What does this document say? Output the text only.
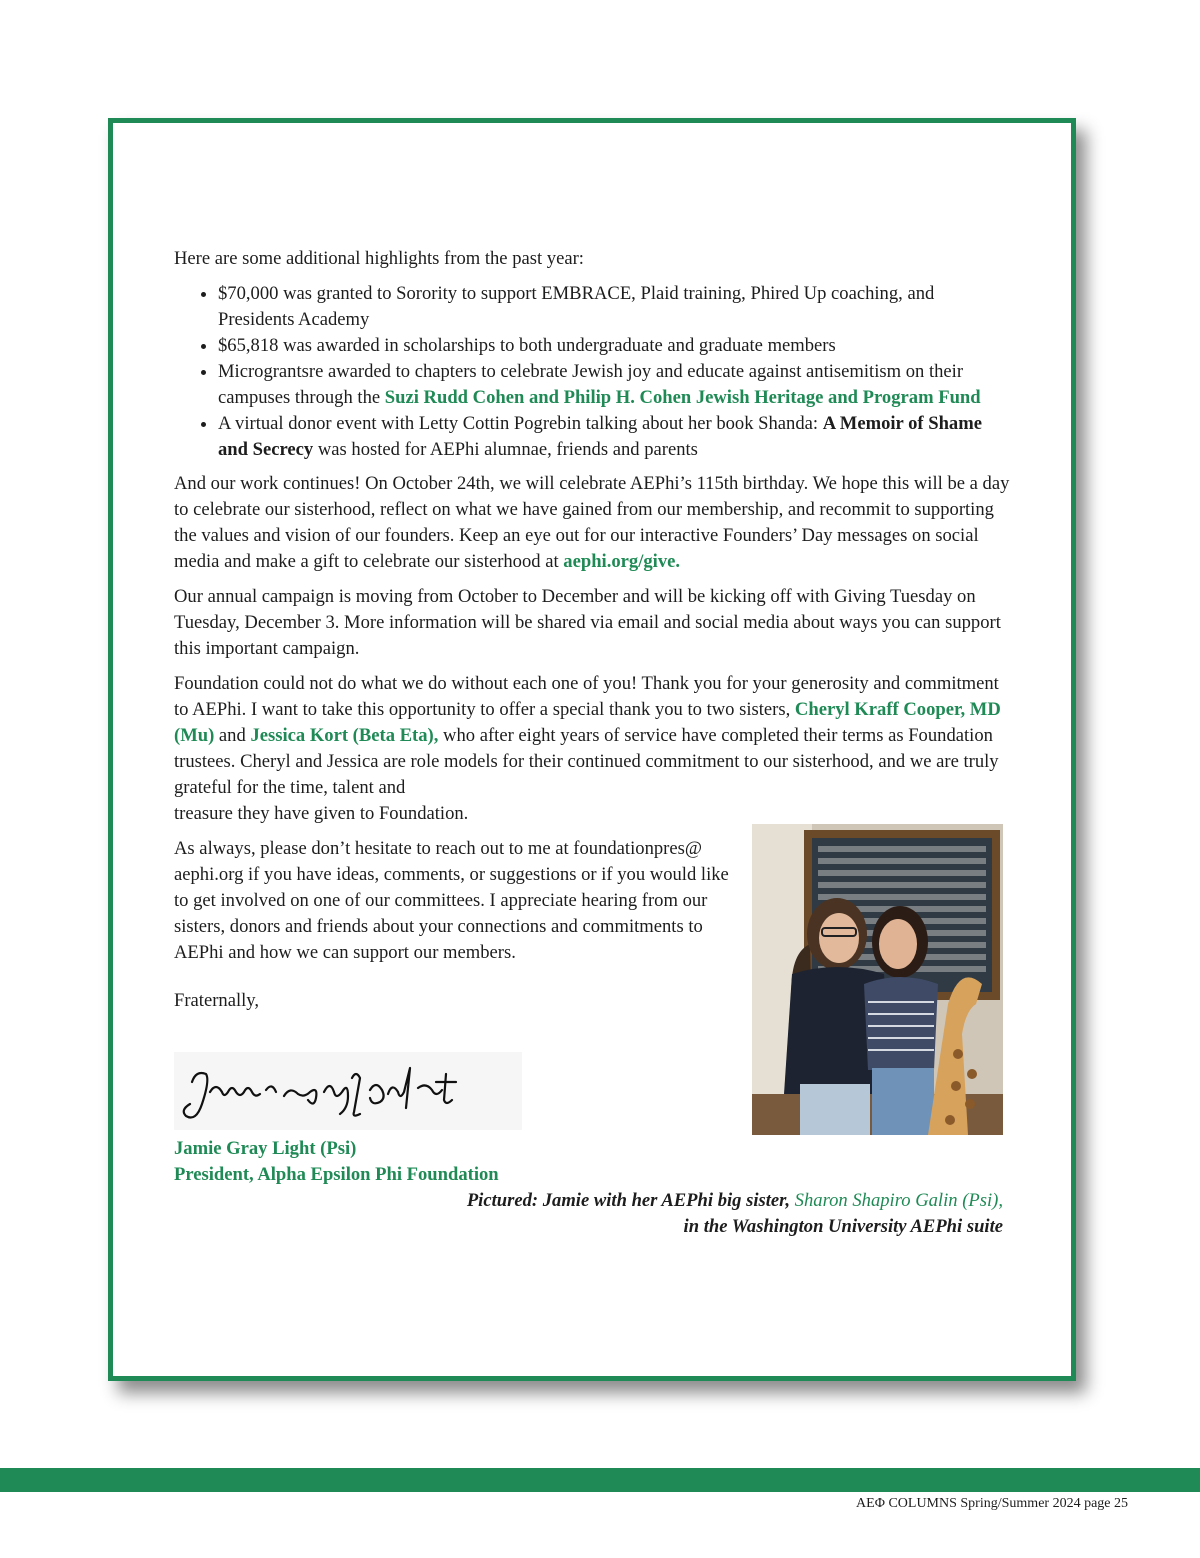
Here are some additional highlights from the past year:

• $70,000 was granted to Sorority to support EMBRACE, Plaid training, Phired Up coaching, and Presidents Academy
• $65,818 was awarded in scholarships to both undergraduate and graduate members
• Micrograntsre awarded to chapters to celebrate Jewish joy and educate against antisemitism on their campuses through the Suzi Rudd Cohen and Philip H. Cohen Jewish Heritage and Program Fund
• A virtual donor event with Letty Cottin Pogrebin talking about her book Shanda: A Memoir of Shame and Secrecy was hosted for AEPhi alumnae, friends and parents

And our work continues! On October 24th, we will celebrate AEPhi’s 115th birthday. We hope this will be a day to celebrate our sisterhood, reflect on what we have gained from our membership, and recommit to supporting the values and vision of our founders. Keep an eye out for our interactive Founders’ Day messages on social media and make a gift to celebrate our sisterhood at aephi.org/give.

Our annual campaign is moving from October to December and will be kicking off with Giving Tuesday on Tuesday, December 3. More information will be shared via email and social media about ways you can support this important campaign.

Foundation could not do what we do without each one of you! Thank you for your generosity and commitment to AEPhi. I want to take this opportunity to offer a special thank you to two sisters, Cheryl Kraff Cooper, MD (Mu) and Jessica Kort (Beta Eta), who after eight years of service have completed their terms as Foundation trustees. Cheryl and Jessica are role models for their continued commitment to our sisterhood, and we are truly grateful for the time, talent and
treasure they have given to Foundation.

As always, please don’t hesitate to reach out to me at foundationpres@ aephi.org if you have ideas, comments, or suggestions or if you would like to get involved on one of our committees. I appreciate hearing from our sisters, donors and friends about your connections and commitments to AEPhi and how we can support our members.

Fraternally,

Jamie Gray Light (Psi)
President, Alpha Epsilon Phi Foundation
Pictured: Jamie with her AEPhi big sister, Sharon Shapiro Galin (Psi),
in the Washington University AEPhi suite
ΑΕΦ COLUMNS Spring/Summer 2024 page 25
